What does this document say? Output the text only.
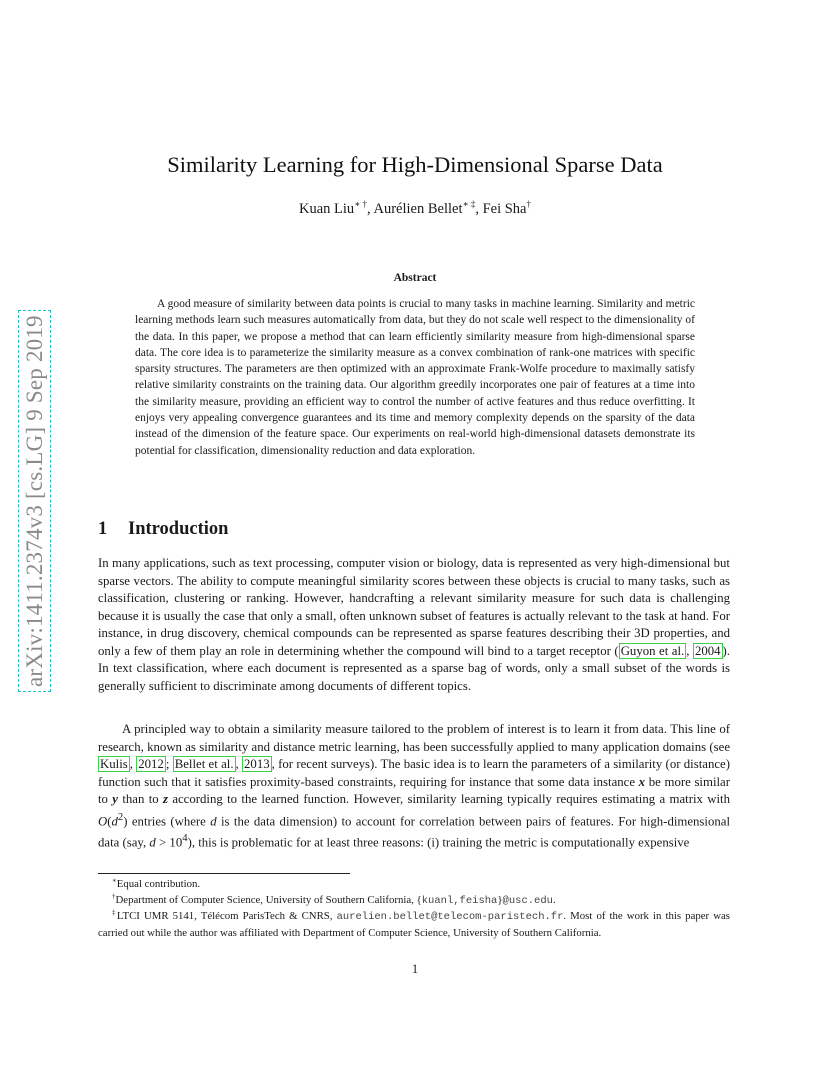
arXiv:1411.2374v3 [cs.LG] 9 Sep 2019
Similarity Learning for High-Dimensional Sparse Data
Kuan Liu∗ †, Aurélien Bellet∗ ‡, Fei Sha†
Abstract

A good measure of similarity between data points is crucial to many tasks in machine learning. Similarity and metric learning methods learn such measures automatically from data, but they do not scale well respect to the dimensionality of the data. In this paper, we propose a method that can learn efficiently similarity measure from high-dimensional sparse data. The core idea is to parameterize the similarity measure as a convex combination of rank-one matrices with specific sparsity structures. The parameters are then optimized with an approximate Frank-Wolfe procedure to maximally satisfy relative similarity constraints on the training data. Our algorithm greedily incorporates one pair of features at a time into the similarity measure, providing an efficient way to control the number of active features and thus reduce overfitting. It enjoys very appealing convergence guarantees and its time and memory complexity depends on the sparsity of the data instead of the dimension of the feature space. Our experiments on real-world high-dimensional datasets demonstrate its potential for classification, dimensionality reduction and data exploration.

1 Introduction

In many applications, such as text processing, computer vision or biology, data is represented as very high-dimensional but sparse vectors. The ability to compute meaningful similarity scores between these objects is crucial to many tasks, such as classification, clustering or ranking. However, handcrafting a relevant similarity measure for such data is challenging because it is usually the case that only a small, often unknown subset of features is actually relevant to the task at hand. For instance, in drug discovery, chemical compounds can be represented as sparse features describing their 3D properties, and only a few of them play an role in determining whether the compound will bind to a target receptor ( Guyon et al. , 2004 ). In text classification, where each document is represented as a sparse bag of words, only a small subset of the words is generally sufficient to discriminate among documents of different topics.

A principled way to obtain a similarity measure tailored to the problem of interest is to learn it from data. This line of research, known as similarity and distance metric learning, has been successfully applied to many application domains (see Kulis , 2012 ; Bellet et al. , 2013 , for recent surveys). The basic idea is to learn the parameters of a similarity (or distance) function such that it satisfies proximity-based constraints, requiring for instance that some data instance x be more similar to y than to z according to the learned function. However, similarity learning typically requires estimating a matrix with $O(d^2)$ entries (where d is the data dimension) to account for correlation between pairs of features. For high-dimensional data (say, $d > 10^4$), this is problematic for at least three reasons: (i) training the metric is computationally expensive

∗Equal contribution.

†Department of Computer Science, University of Southern California, {kuanl,feisha}@usc.edu.

‡LTCI UMR 5141, Télécom ParisTech & CNRS, aurelien.bellet@telecom-paristech.fr. Most of the work in this paper was carried out while the author was affiliated with Department of Computer Science, University of Southern California.

1
